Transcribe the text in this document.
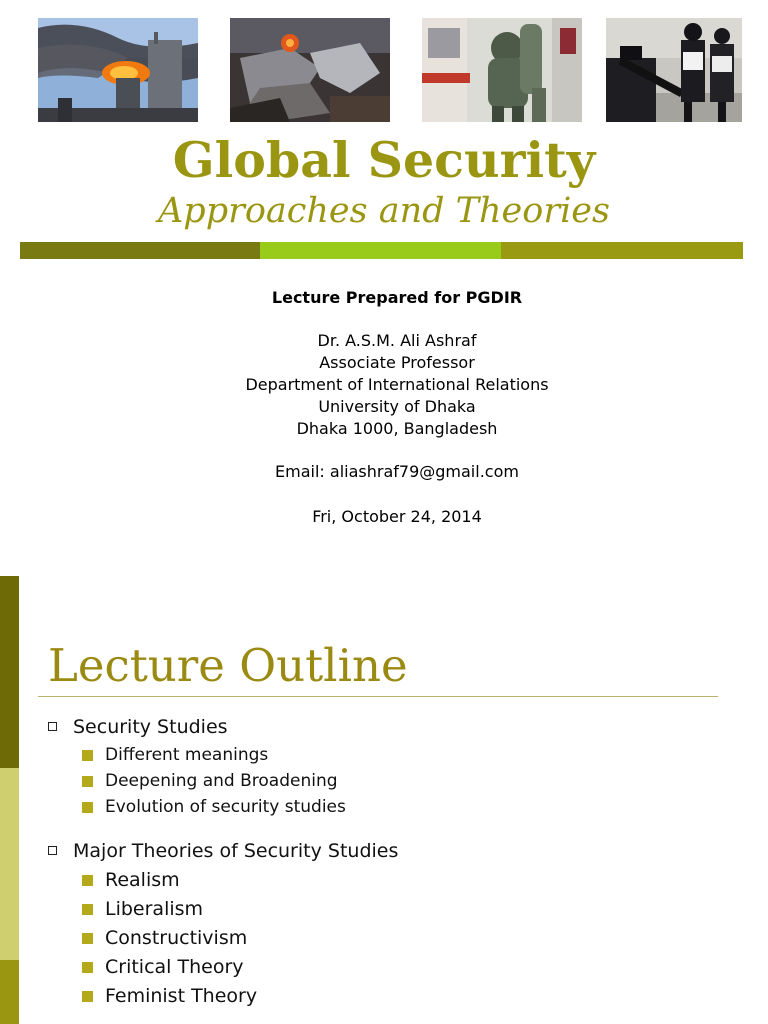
Global Security
Approaches and Theories
Lecture Prepared for PGDIR
Dr. A.S.M. Ali Ashraf
Associate Professor
Department of International Relations
University of Dhaka
Dhaka 1000, Bangladesh
Email: aliashraf79@gmail.com
Fri, October 24, 2014
Lecture Outline
Security Studies
Different meanings
Deepening and Broadening
Evolution of security studies
Major Theories of Security Studies
Realism
Liberalism
Constructivism
Critical Theory
Feminist Theory
